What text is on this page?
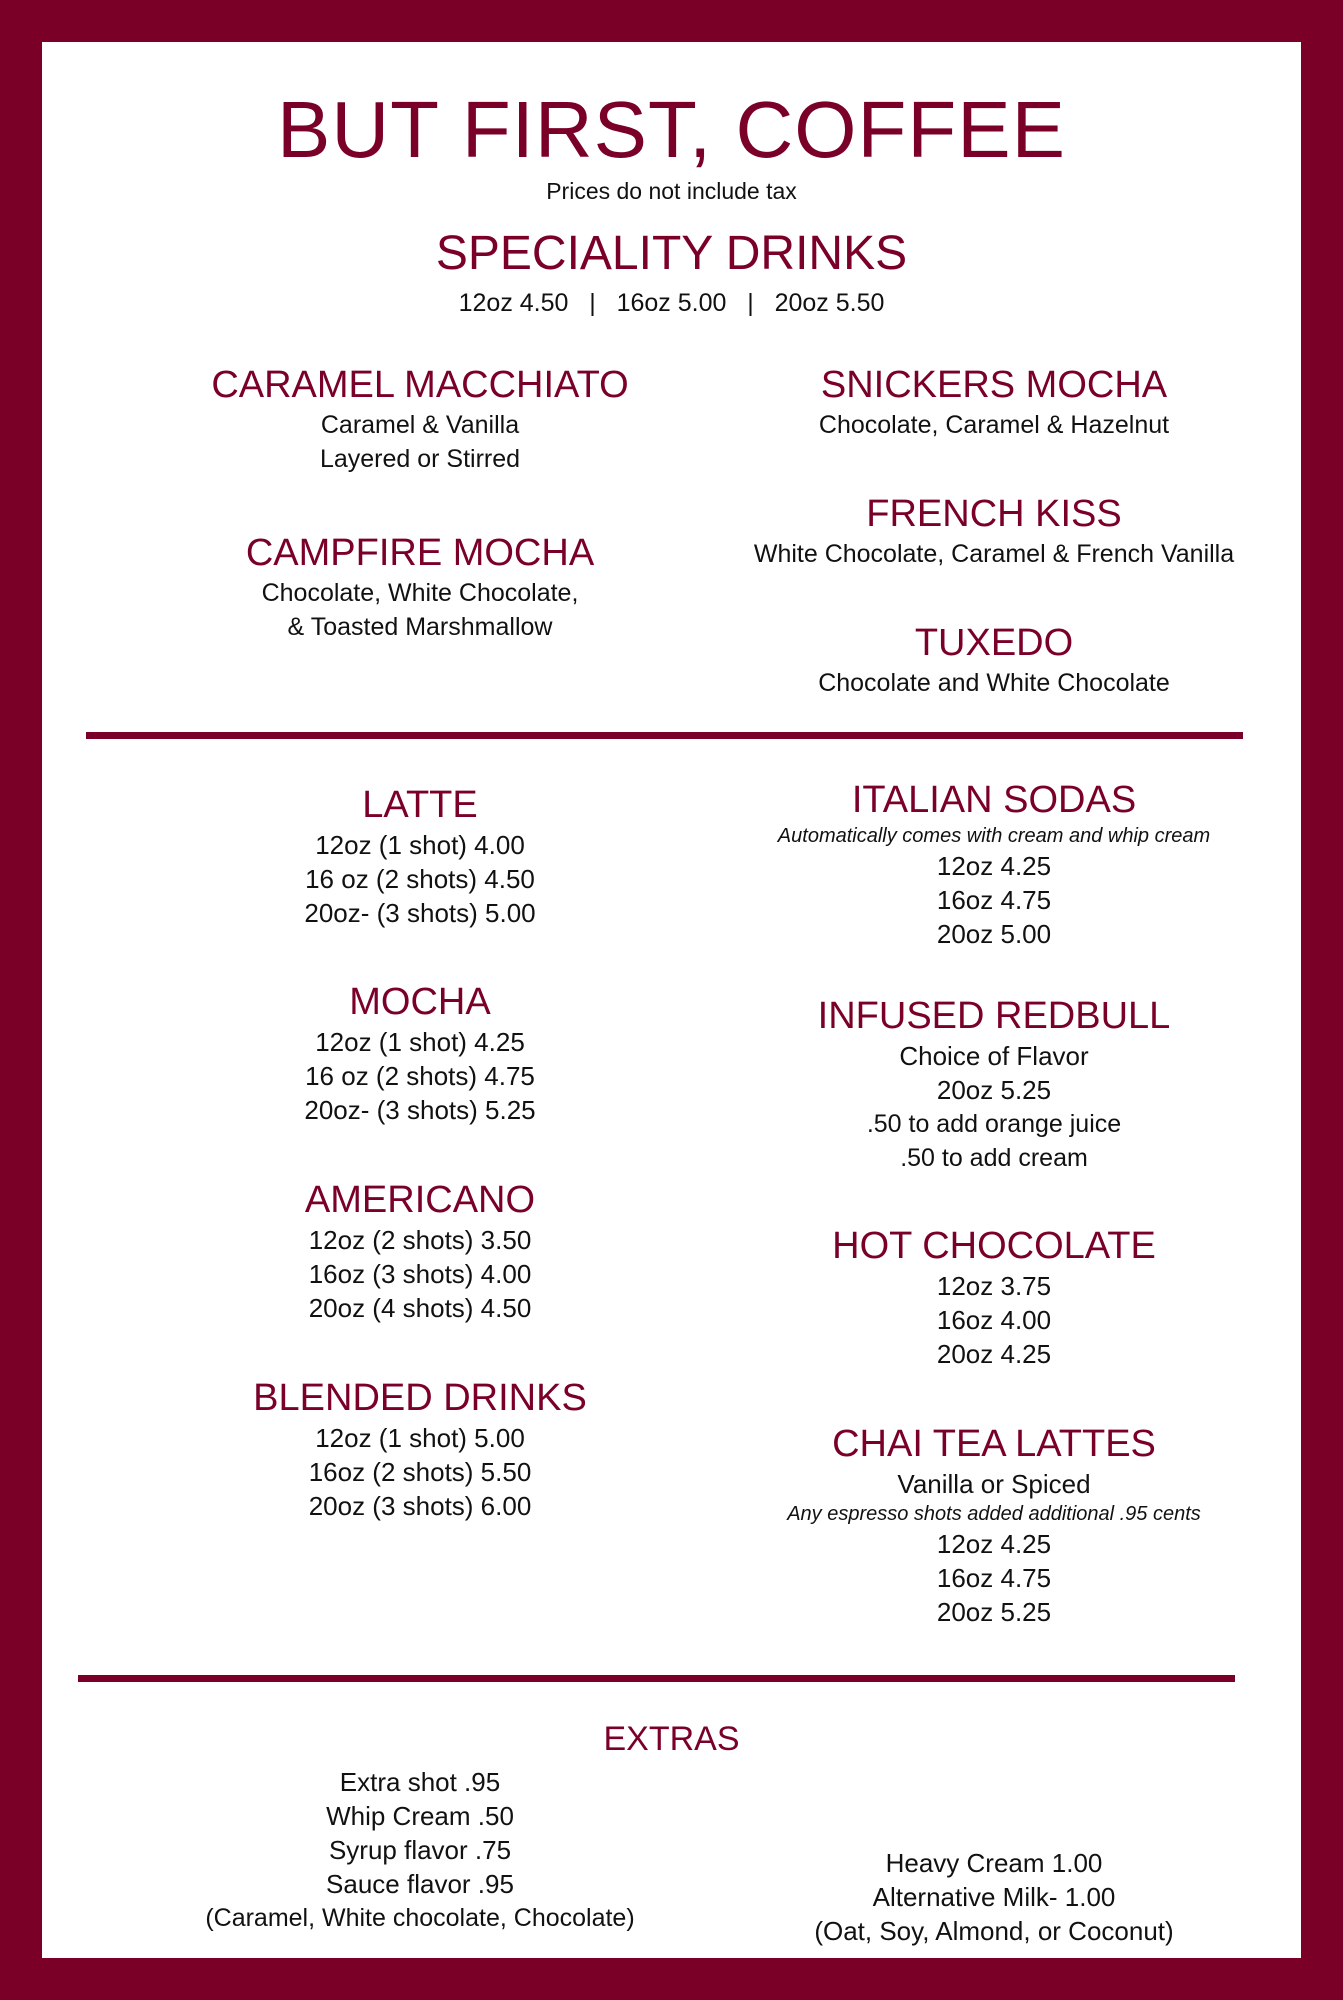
BUT FIRST, COFFEE
Prices do not include tax
SPECIALITY DRINKS
12oz 4.50   |   16oz 5.00   |   20oz 5.50
CARAMEL MACCHIATO
Caramel & Vanilla
Layered or Stirred
CAMPFIRE MOCHA
Chocolate, White Chocolate,
& Toasted Marshmallow
SNICKERS MOCHA
Chocolate, Caramel & Hazelnut
FRENCH KISS
White Chocolate, Caramel & French Vanilla
TUXEDO
Chocolate and White Chocolate
LATTE
12oz (1 shot) 4.00
16 oz (2 shots) 4.50
20oz- (3 shots) 5.00
MOCHA
12oz (1 shot) 4.25
16 oz (2 shots) 4.75
20oz- (3 shots) 5.25
AMERICANO
12oz (2 shots) 3.50
16oz (3 shots) 4.00
20oz (4 shots) 4.50
BLENDED DRINKS
12oz (1 shot) 5.00
16oz (2 shots) 5.50
20oz (3 shots) 6.00
ITALIAN SODAS
Automatically comes with cream and whip cream
12oz 4.25
16oz 4.75
20oz 5.00
INFUSED REDBULL
Choice of Flavor
20oz 5.25
.50 to add orange juice
.50 to add cream
HOT CHOCOLATE
12oz 3.75
16oz 4.00
20oz 4.25
CHAI TEA LATTES
Vanilla or Spiced
Any espresso shots added additional .95 cents
12oz 4.25
16oz 4.75
20oz 5.25
EXTRAS
Extra shot .95
Whip Cream .50
Syrup flavor .75
Sauce flavor .95
(Caramel, White chocolate, Chocolate)
Heavy Cream 1.00
Alternative Milk- 1.00
(Oat, Soy, Almond, or Coconut)
